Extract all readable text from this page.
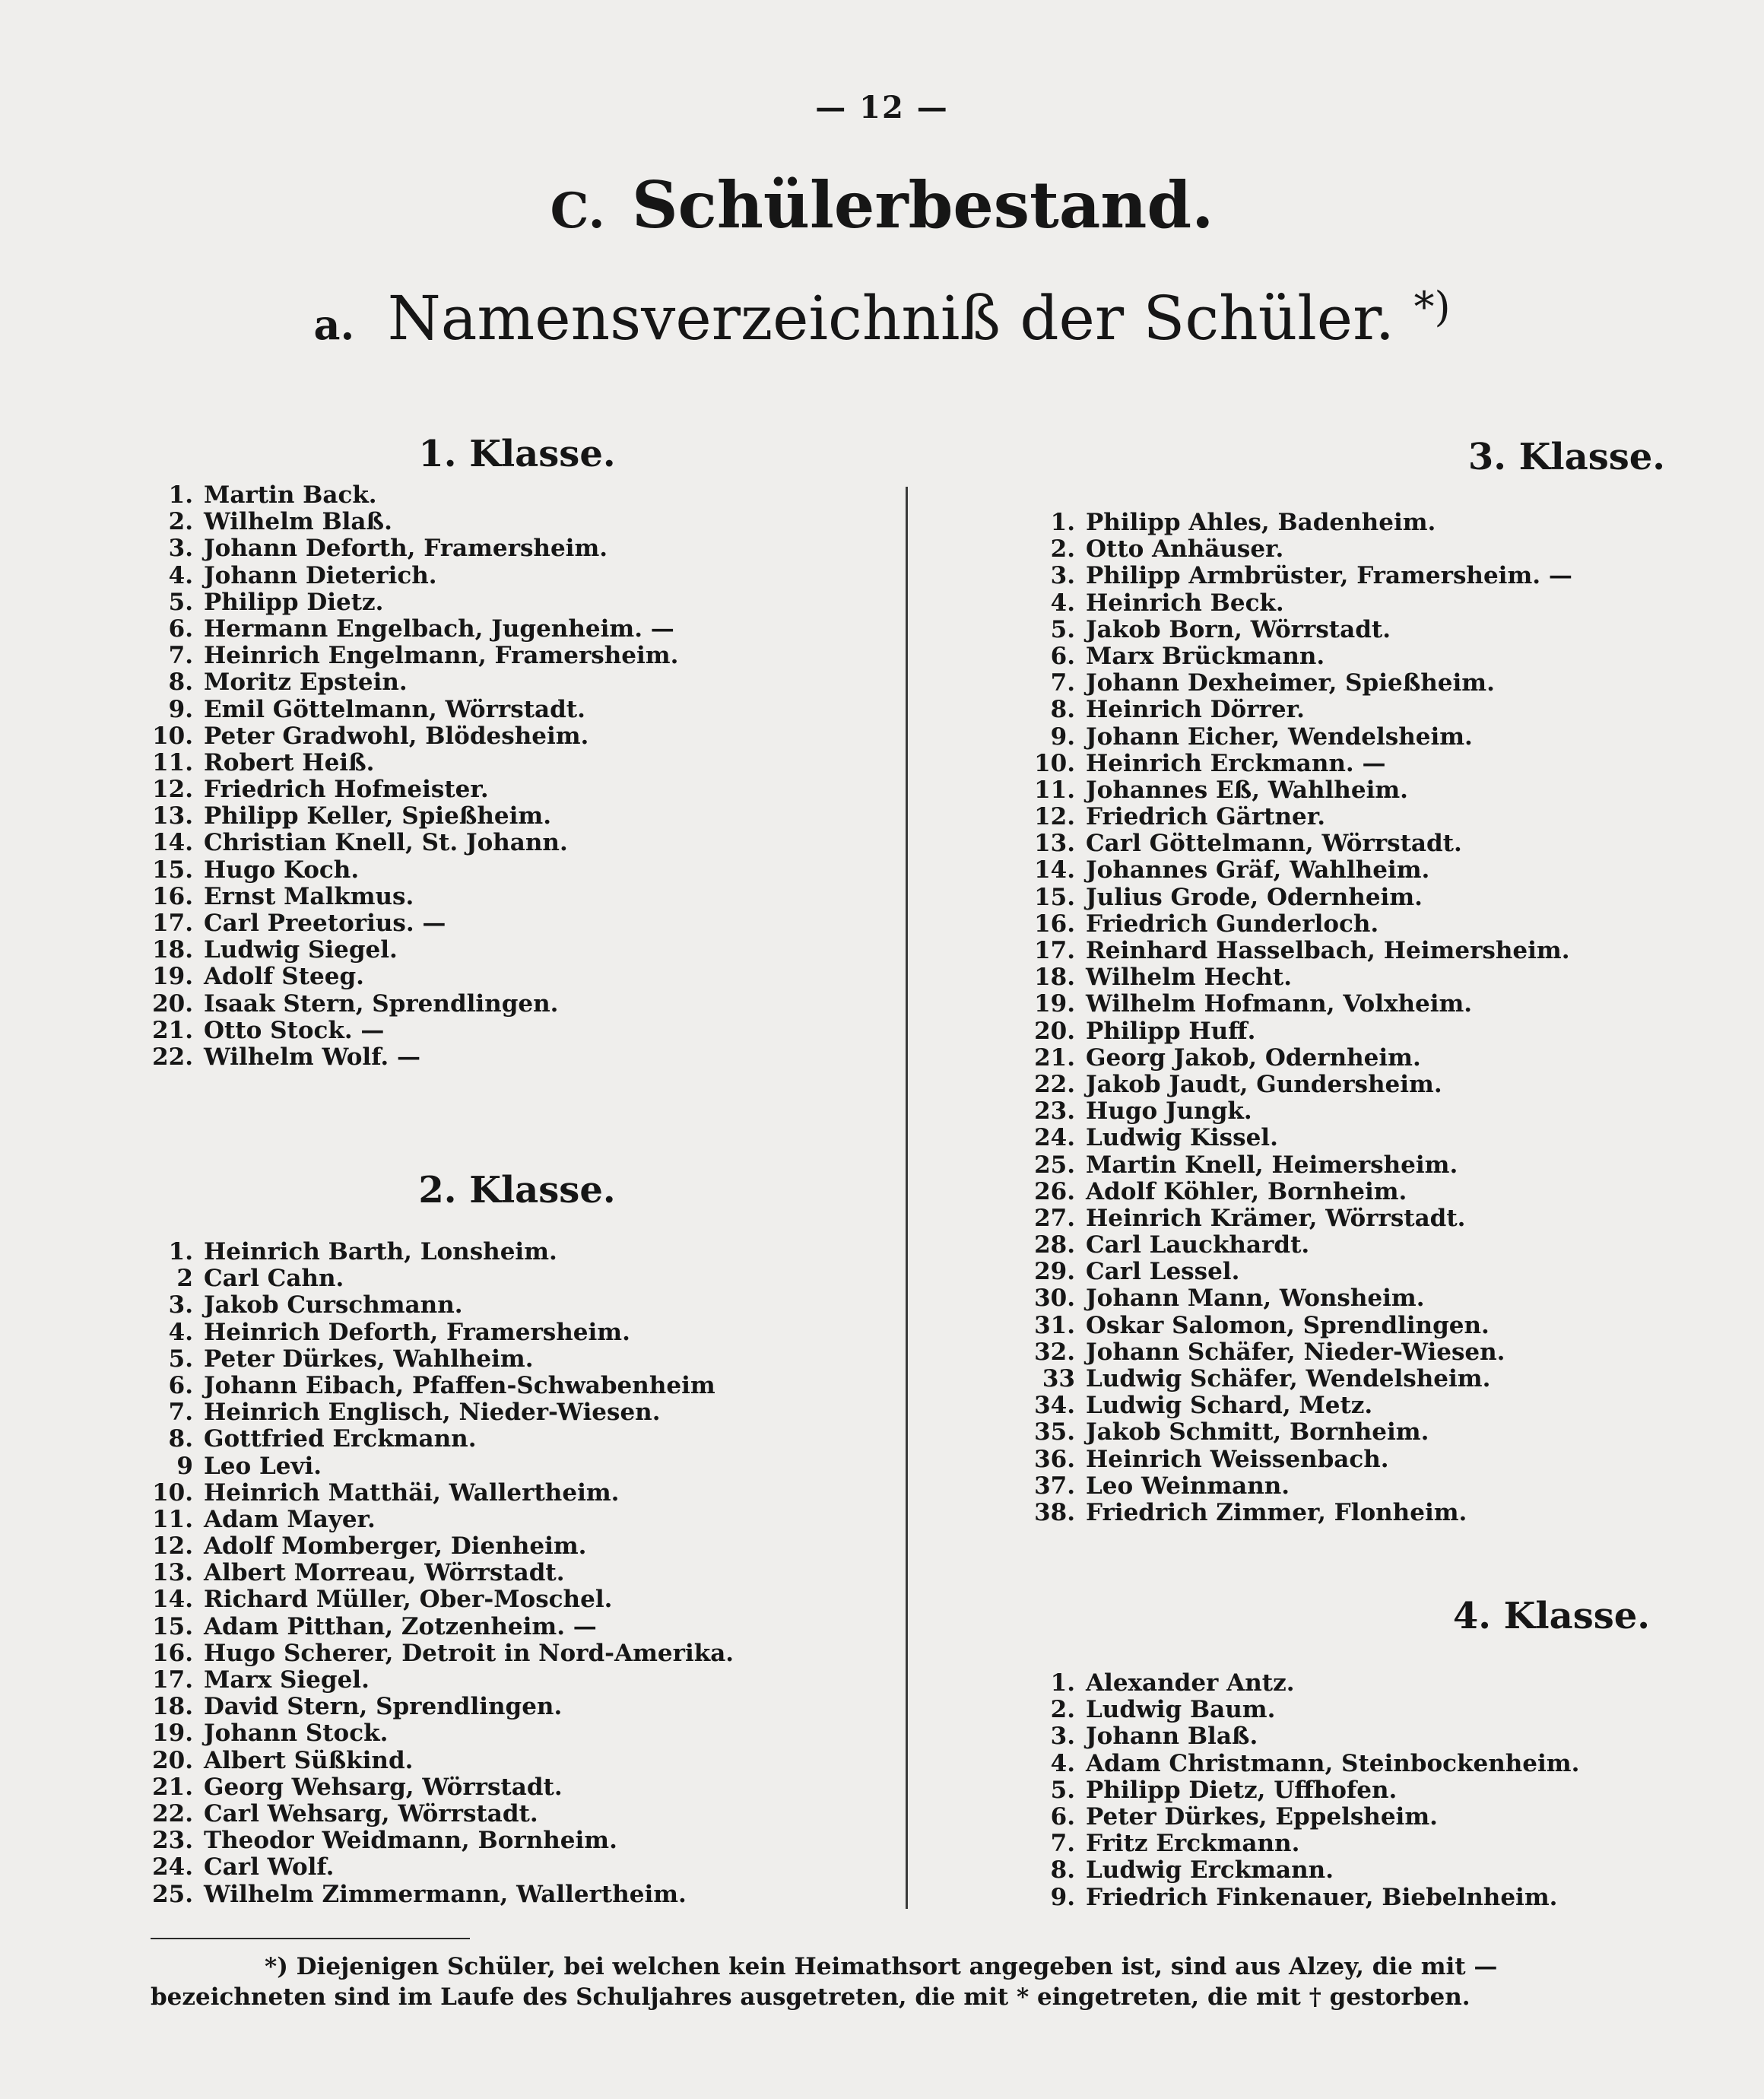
— 12 —
C. Schülerbestand.
a. Namensverzeichniß der Schüler. *)
1. Klasse.
1. Martin Back.
2. Wilhelm Blaß.
3. Johann Deforth, Framersheim.
4. Johann Dieterich.
5. Philipp Dietz.
6. Hermann Engelbach, Jugenheim. —
7. Heinrich Engelmann, Framersheim.
8. Moritz Epstein.
9. Emil Göttelmann, Wörrstadt.
10. Peter Gradwohl, Blödesheim.
11. Robert Heiß.
12. Friedrich Hofmeister.
13. Philipp Keller, Spießheim.
14. Christian Knell, St. Johann.
15. Hugo Koch.
16. Ernst Malkmus.
17. Carl Preetorius. —
18. Ludwig Siegel.
19. Adolf Steeg.
20. Isaak Stern, Sprendlingen.
21. Otto Stock. —
22. Wilhelm Wolf. —
2. Klasse.
1. Heinrich Barth, Lonsheim.
2 Carl Cahn.
3. Jakob Curschmann.
4. Heinrich Deforth, Framersheim.
5. Peter Dürkes, Wahlheim.
6. Johann Eibach, Pfaffen-Schwabenheim
7. Heinrich Englisch, Nieder-Wiesen.
8. Gottfried Erckmann.
9 Leo Levi.
10. Heinrich Matthäi, Wallertheim.
11. Adam Mayer.
12. Adolf Momberger, Dienheim.
13. Albert Morreau, Wörrstadt.
14. Richard Müller, Ober-Moschel.
15. Adam Pitthan, Zotzenheim. —
16. Hugo Scherer, Detroit in Nord-Amerika.
17. Marx Siegel.
18. David Stern, Sprendlingen.
19. Johann Stock.
20. Albert Süßkind.
21. Georg Wehsarg, Wörrstadt.
22. Carl Wehsarg, Wörrstadt.
23. Theodor Weidmann, Bornheim.
24. Carl Wolf.
25. Wilhelm Zimmermann, Wallertheim.
3. Klasse.
1. Philipp Ahles, Badenheim.
2. Otto Anhäuser.
3. Philipp Armbrüster, Framersheim. —
4. Heinrich Beck.
5. Jakob Born, Wörrstadt.
6. Marx Brückmann.
7. Johann Dexheimer, Spießheim.
8. Heinrich Dörrer.
9. Johann Eicher, Wendelsheim.
10. Heinrich Erckmann. —
11. Johannes Eß, Wahlheim.
12. Friedrich Gärtner.
13. Carl Göttelmann, Wörrstadt.
14. Johannes Gräf, Wahlheim.
15. Julius Grode, Odernheim.
16. Friedrich Gunderloch.
17. Reinhard Hasselbach, Heimersheim.
18. Wilhelm Hecht.
19. Wilhelm Hofmann, Volxheim.
20. Philipp Huff.
21. Georg Jakob, Odernheim.
22. Jakob Jaudt, Gundersheim.
23. Hugo Jungk.
24. Ludwig Kissel.
25. Martin Knell, Heimersheim.
26. Adolf Köhler, Bornheim.
27. Heinrich Krämer, Wörrstadt.
28. Carl Lauckhardt.
29. Carl Lessel.
30. Johann Mann, Wonsheim.
31. Oskar Salomon, Sprendlingen.
32. Johann Schäfer, Nieder-Wiesen.
33 Ludwig Schäfer, Wendelsheim.
34. Ludwig Schard, Metz.
35. Jakob Schmitt, Bornheim.
36. Heinrich Weissenbach.
37. Leo Weinmann.
38. Friedrich Zimmer, Flonheim.
4. Klasse.
1. Alexander Antz.
2. Ludwig Baum.
3. Johann Blaß.
4. Adam Christmann, Steinbockenheim.
5. Philipp Dietz, Uffhofen.
6. Peter Dürkes, Eppelsheim.
7. Fritz Erckmann.
8. Ludwig Erckmann.
9. Friedrich Finkenauer, Biebelnheim.
*) Diejenigen Schüler, bei welchen kein Heimathsort angegeben ist, sind aus Alzey, die mit — bezeichneten sind im Laufe des Schuljahres ausgetreten, die mit * eingetreten, die mit † gestorben.
